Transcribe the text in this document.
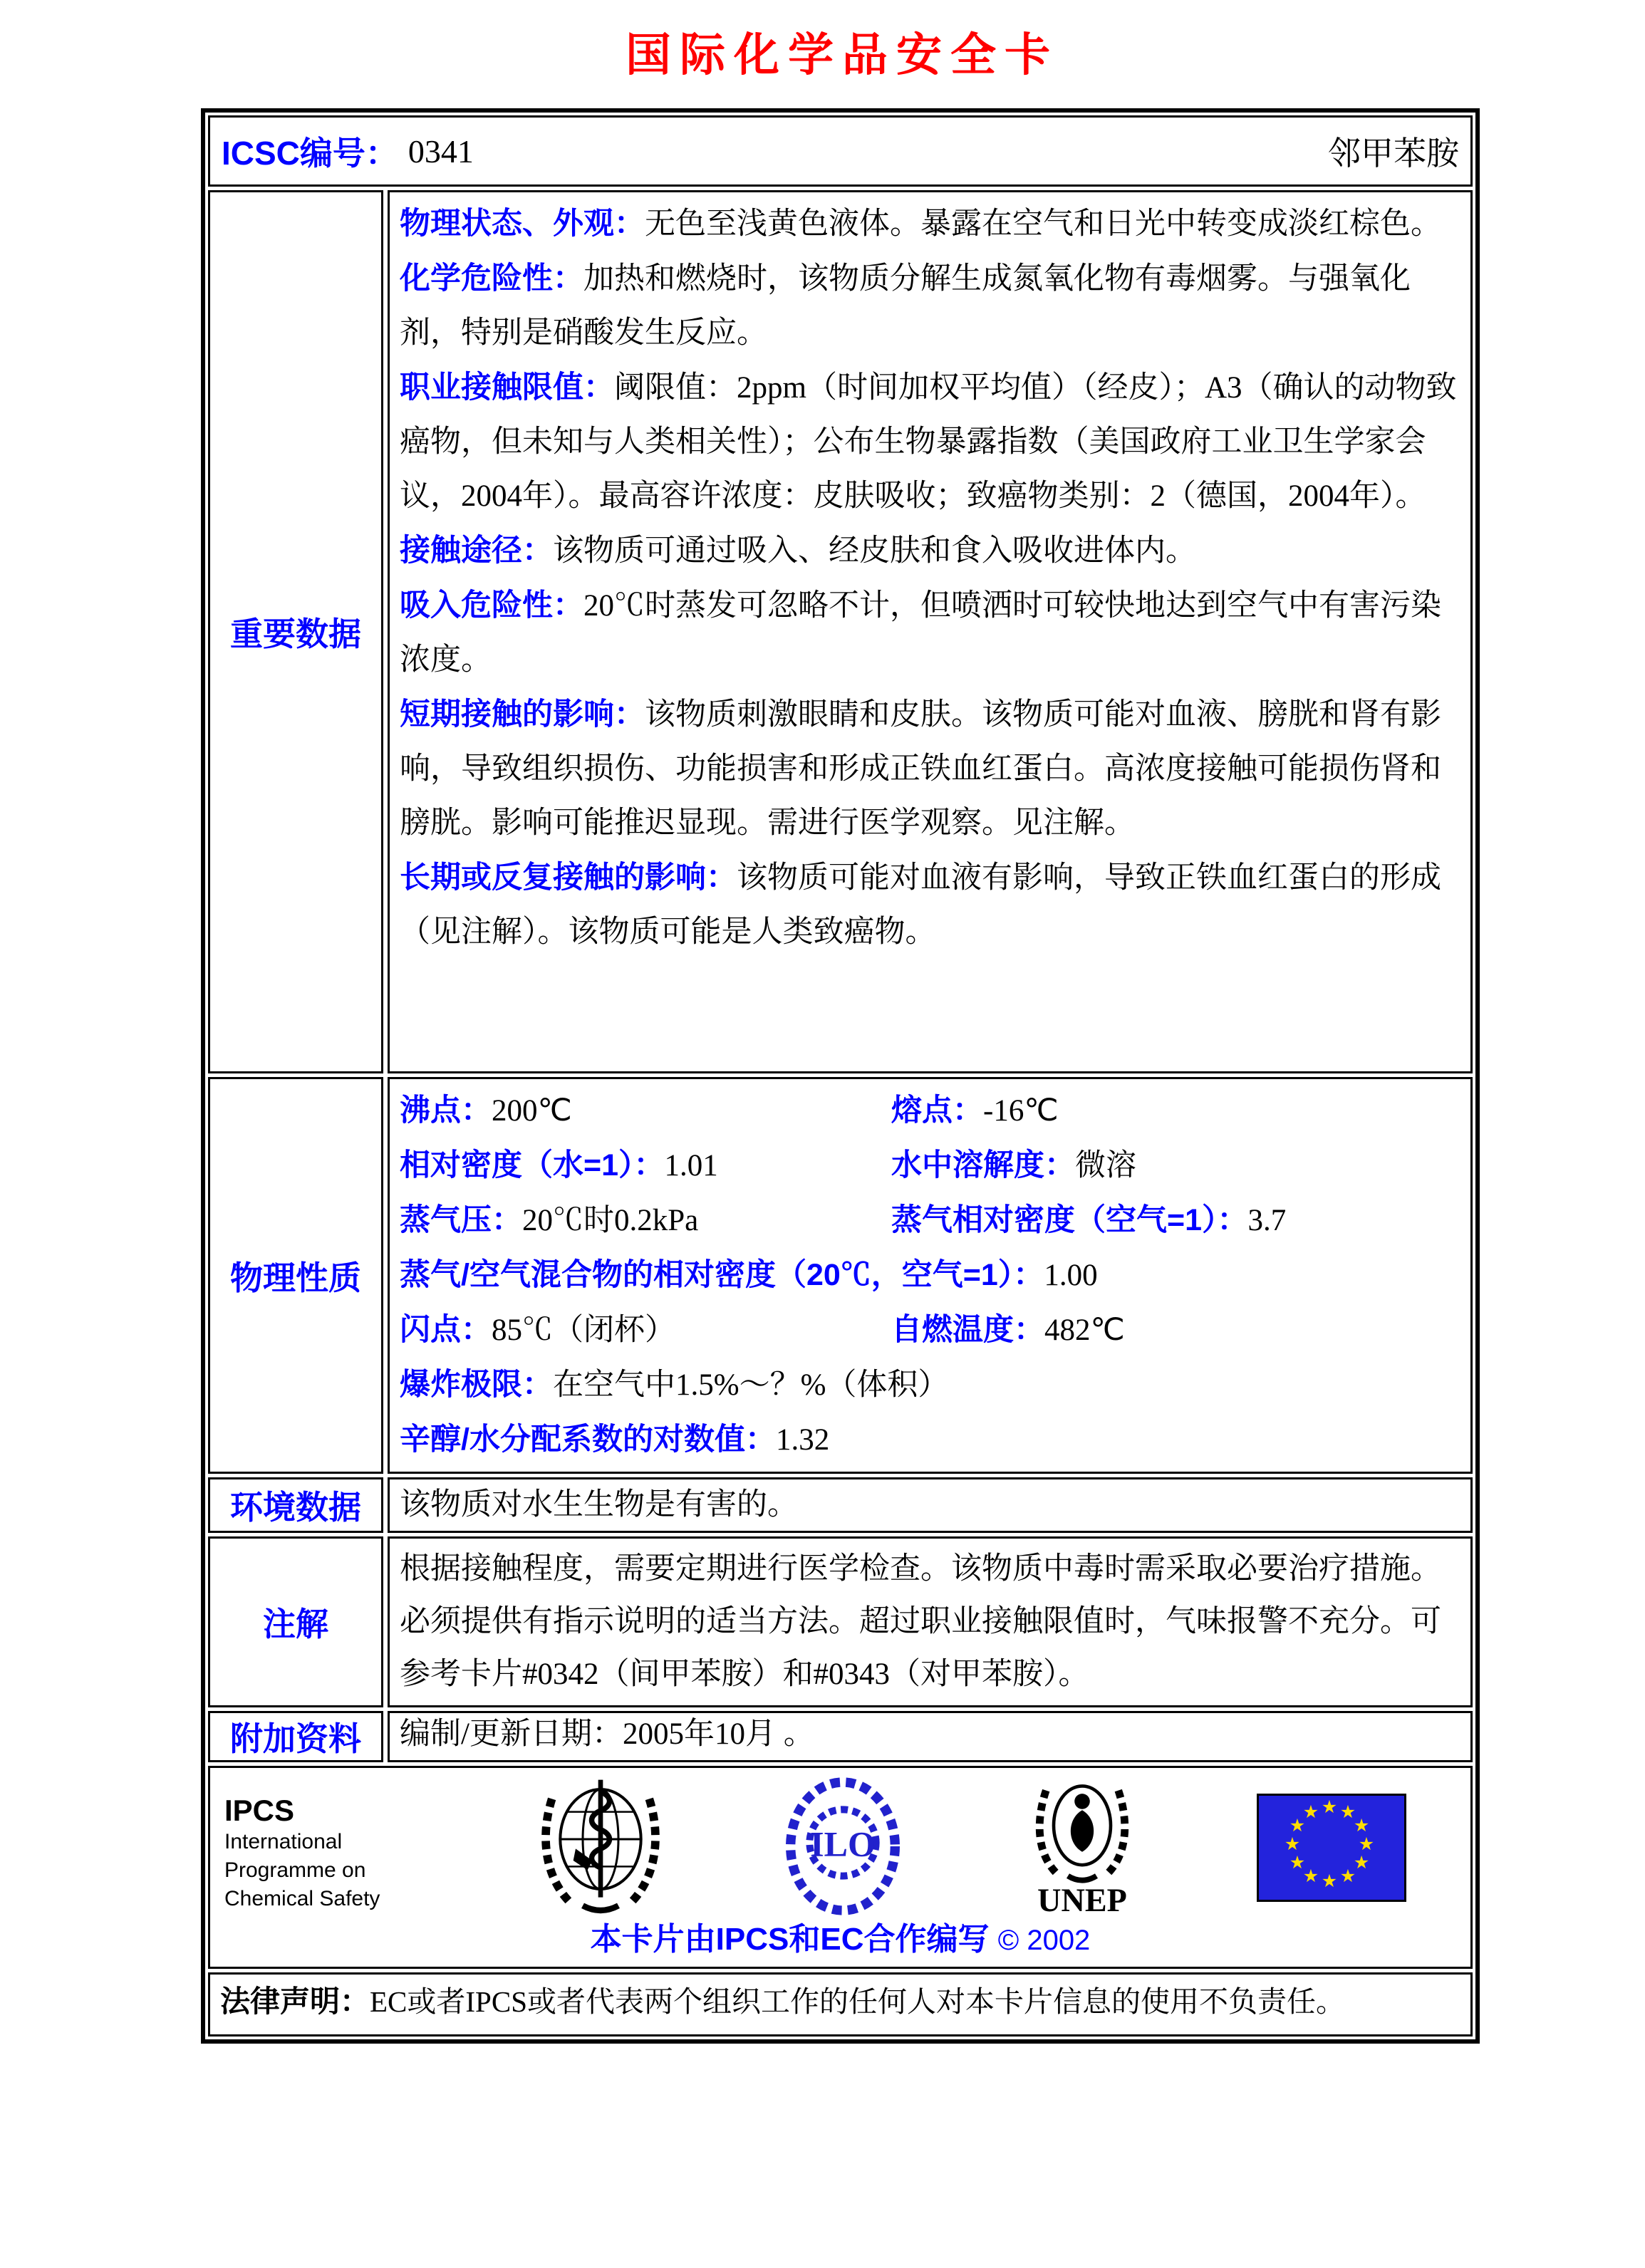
国际化学品安全卡
ICSC编号： 0341	邻甲苯胺
重要数据
物理状态、外观：无色至浅黄色液体。暴露在空气和日光中转变成淡红棕色。
化学危险性：加热和燃烧时，该物质分解生成氮氧化物有毒烟雾。与强氧化剂，特别是硝酸发生反应。
职业接触限值：阈限值：2ppm（时间加权平均值）（经皮）；A3（确认的动物致癌物，但未知与人类相关性）；公布生物暴露指数（美国政府工业卫生学家会议，2004年）。最高容许浓度：皮肤吸收；致癌物类别：2（德国，2004年）。
接触途径：该物质可通过吸入、经皮肤和食入吸收进体内。
吸入危险性：20℃时蒸发可忽略不计，但喷洒时可较快地达到空气中有害污染浓度。
短期接触的影响：该物质刺激眼睛和皮肤。该物质可能对血液、膀胱和肾有影响，导致组织损伤、功能损害和形成正铁血红蛋白。高浓度接触可能损伤肾和膀胱。影响可能推迟显现。需进行医学观察。见注解。
长期或反复接触的影响：该物质可能对血液有影响，导致正铁血红蛋白的形成（见注解）。该物质可能是人类致癌物。
物理性质
沸点：200℃	熔点：-16℃
相对密度（水=1）：1.01	水中溶解度：微溶
蒸气压：20℃时0.2kPa	蒸气相对密度（空气=1）：3.7
蒸气/空气混合物的相对密度（20℃，空气=1）：1.00
闪点：85℃（闭杯）	自燃温度：482℃
爆炸极限：在空气中1.5%～？%（体积）
辛醇/水分配系数的对数值：1.32
环境数据	该物质对水生生物是有害的。
注解
根据接触程度，需要定期进行医学检查。该物质中毒时需采取必要治疗措施。必须提供有指示说明的适当方法。超过职业接触限值时，气味报警不充分。可参考卡片#0342（间甲苯胺）和#0343（对甲苯胺）。
附加资料	编制/更新日期：2005年10月 。
IPCS
International
Programme on
Chemical Safety
ILO
UNEP
★ ★
★
★
★
★
★
★
★
★
★
★
本卡片由IPCS和EC合作编写 © 2002
法律声明：EC或者IPCS或者代表两个组织工作的任何人对本卡片信息的使用不负责任。
